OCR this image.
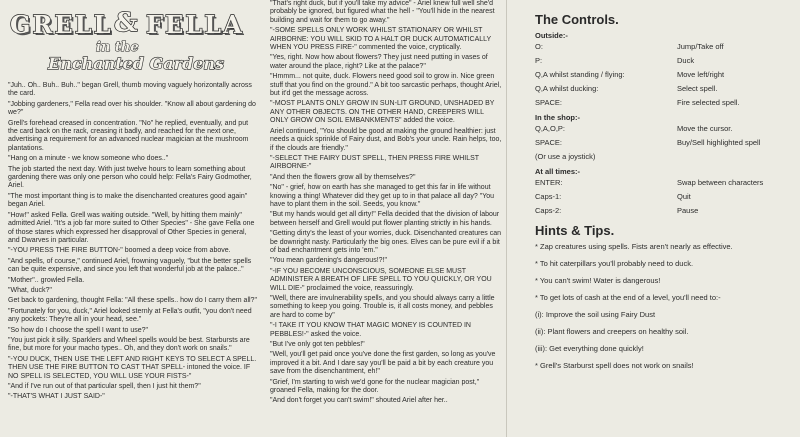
GRELL & FELLA
in the
Enchanted Gardens

"Juh.. Oh.. Buh.. Buh.." began Grell, thumb moving vaguely horizontally across the card.

"Jobbing gardeners," Fella read over his shoulder. "Know all about gardening do we?"

Grell's forehead creased in concentration. "No" he replied, eventually, and put the card back on the rack, creasing it badly, and reached for the next one, advertising a requirement for an advanced nuclear magician at the mushroom plantations.

"Hang on a minute - we know someone who does.."

The job started the next day. With just twelve hours to learn something about gardening there was only one person who could help: Fella's Fairy Godmother, Ariel.

"The most important thing is to make the disenchanted creatures good again" began Ariel.

"How!" asked Fella. Grell was waiting outside. "Well, by hitting them mainly" admitted Ariel. "It's a job far more suited to Other Species" - She gave Fella one of those stares which expressed her disapproval of Other Species in general, and Dwarves in particular.

"-YOU PRESS THE FIRE BUTTON-" boomed a deep voice from above.

"And spells, of course," continued Ariel, frowning vaguely, "but the better spells can be quite expensive, and since you left that wonderful job at the palace.."

"Mother".. growled Fella.

"What, duck?"

Get back to gardening, thought Fella: "All these spells.. how do I carry them all?"

"Fortunately for you, duck," Ariel looked sternly at Fella's outfit, "you don't need any pockets: They're all in your head, see."

"So how do I choose the spell I want to use?"

"You just pick it silly. Sparklers and Wheel spells would be best. Starbursts are fine, but more for your macho types.. Oh, and they don't work on snails."

"-YOU DUCK, THEN USE THE LEFT AND RIGHT KEYS TO SELECT A SPELL. THEN USE THE FIRE BUTTON TO CAST THAT SPELL- intoned the voice. IF NO SPELL IS SELECTED, YOU WILL USE YOUR FISTS-"

"And if I've run out of that particular spell, then I just hit them?"

"-THAT'S WHAT I JUST SAID-"

"That's right duck, but if you'll take my advice" - Ariel knew full well she'd probably be ignored, but figured what the hell - "You'll hide in the nearest building and wait for them to go away."

"-SOME SPELLS ONLY WORK WHILST STATIONARY OR WHILST AIRBORNE: YOU WILL SKID TO A HALT OR DUCK AUTOMATICALLY WHEN YOU PRESS FIRE-" commented the voice, cryptically.

"Yes, right. Now how about flowers? They just need putting in vases of water around the place, right? Like at the palace?"

"Hmmm... not quite, duck. Flowers need good soil to grow in. Nice green stuff that you find on the ground." A bit too sarcastic perhaps, thought Ariel, but it'd get the message across.

"-MOST PLANTS ONLY GROW IN SUN-LIT GROUND, UNSHADED BY ANY OTHER OBJECTS. ON THE OTHER HAND, CREEPERS WILL ONLY GROW ON SOIL EMBANKMENTS" added the voice.

Ariel continued, "You should be good at making the ground healthier: just needs a quick sprinkle of Fairy dust, and Bob's your uncle. Rain helps, too, if the clouds are friendly."

"-SELECT THE FAIRY DUST SPELL, THEN PRESS FIRE WHILST AIRBORNE-"

"And then the flowers grow all by themselves?"

"No" - grief, how on earth has she managed to get this far in life without knowing a thing! Whatever did they get up to in that palace all day? "You have to plant them in the soil. Seeds, you know."

"But my hands would get all dirty!" Fella decided that the division of labour between herself and Grell would put flower planting strictly in his hands.

"Getting dirty's the least of your worries, duck. Disenchanted creatures can be downright nasty. Particularly the big ones. Elves can be pure evil if a bit of bad enchantment gets into 'em."

"You mean gardening's dangerous!?!"

"-IF YOU BECOME UNCONSCIOUS, SOMEONE ELSE MUST ADMINISTER A BREATH OF LIFE SPELL TO YOU QUICKLY, OR YOU WILL DIE-" proclaimed the voice, reassuringly.

"Well, there are invulnerability spells, and you should always carry a little something to keep you going. Trouble is, it all costs money, and pebbles are hard to come by"

"-I TAKE IT YOU KNOW THAT MAGIC MONEY IS COUNTED IN PEBBLES!-" asked the voice.

"But I've only got ten pebbles!"

"Well, you'll get paid once you've done the first garden, so long as you've improved it a bit. And I dare say you'll be paid a bit by each creature you save from the disenchantment, eh!"

"Grief, I'm starting to wish we'd gone for the nuclear magician post," groaned Fella, making for the door.

"And don't forget you can't swim!" shouted Ariel after her..

The Controls.
Outside:-
O:	Jump/Take off
P:	Duck
Q,A whilst standing / flying:	Move left/right
Q,A whilst ducking:	Select spell.
SPACE:	Fire selected spell.
In the shop:-
Q,A,O,P:	Move the cursor.
SPACE:	Buy/Sell highlighted spell
(Or use a joystick)
At all times:-
ENTER:	Swap between characters
Caps-1:	Quit
Caps-2:	Pause
Hints & Tips.
* Zap creatures using spells. Fists aren't nearly as effective.
* To hit caterpillars you'll probably need to duck.
* You can't swim! Water is dangerous!
* To get lots of cash at the end of a level, you'll need to:-
(i): Improve the soil using Fairy Dust
(ii): Plant flowers and creepers on healthy soil.
(iii): Get everything done quickly!
* Grell's Starburst spell does not work on snails!
